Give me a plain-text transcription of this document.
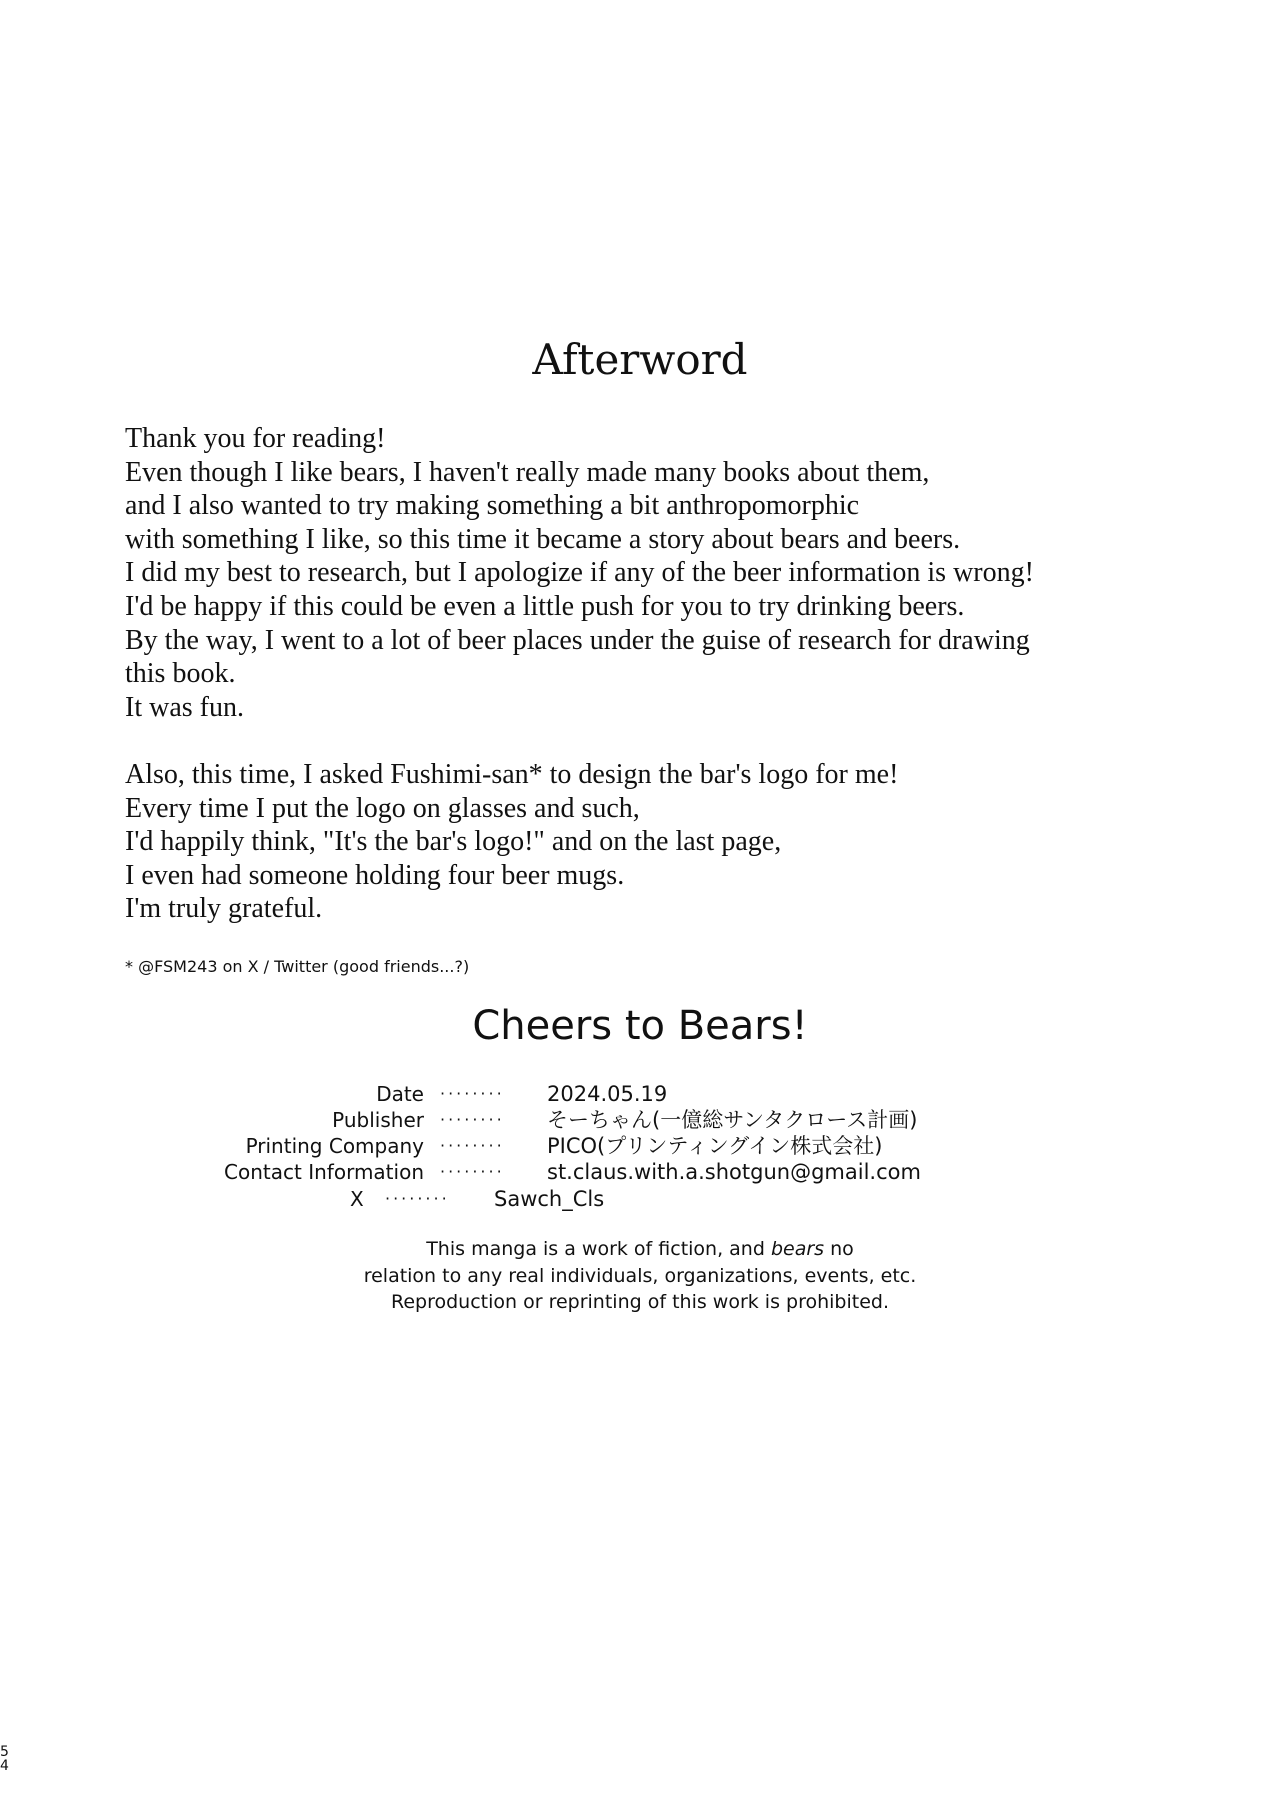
Afterword

Thank you for reading!

Even though I like bears, I haven't really made many books about them,

and I also wanted to try making something a bit anthropomorphic

with something I like, so this time it became a story about bears and beers.

I did my best to research, but I apologize if any of the beer information is wrong!

I'd be happy if this could be even a little push for you to try drinking beers.

By the way, I went to a lot of beer places under the guise of research for drawing

this book.

It was fun.

Also, this time, I asked Fushimi-san* to design the bar's logo for me!

Every time I put the logo on glasses and such,

I'd happily think, "It's the bar's logo!" and on the last page,

I even had someone holding four beer mugs.

I'm truly grateful.

* @FSM243 on X / Twitter (good friends...?)
Cheers to Bears!
Date ········ 2024.05.19
Publisher ········ そーちゃん(一億総サンタクロース計画)
Printing Company ········ PICO(プリンティングイン株式会社)
Contact Information ········ st.claus.with.a.shotgun@gmail.com
X ········ Sawch_Cls

This manga is a work of fiction, and bears no

relation to any real individuals, organizations, events, etc.

Reproduction or reprinting of this work is prohibited.

5
4
